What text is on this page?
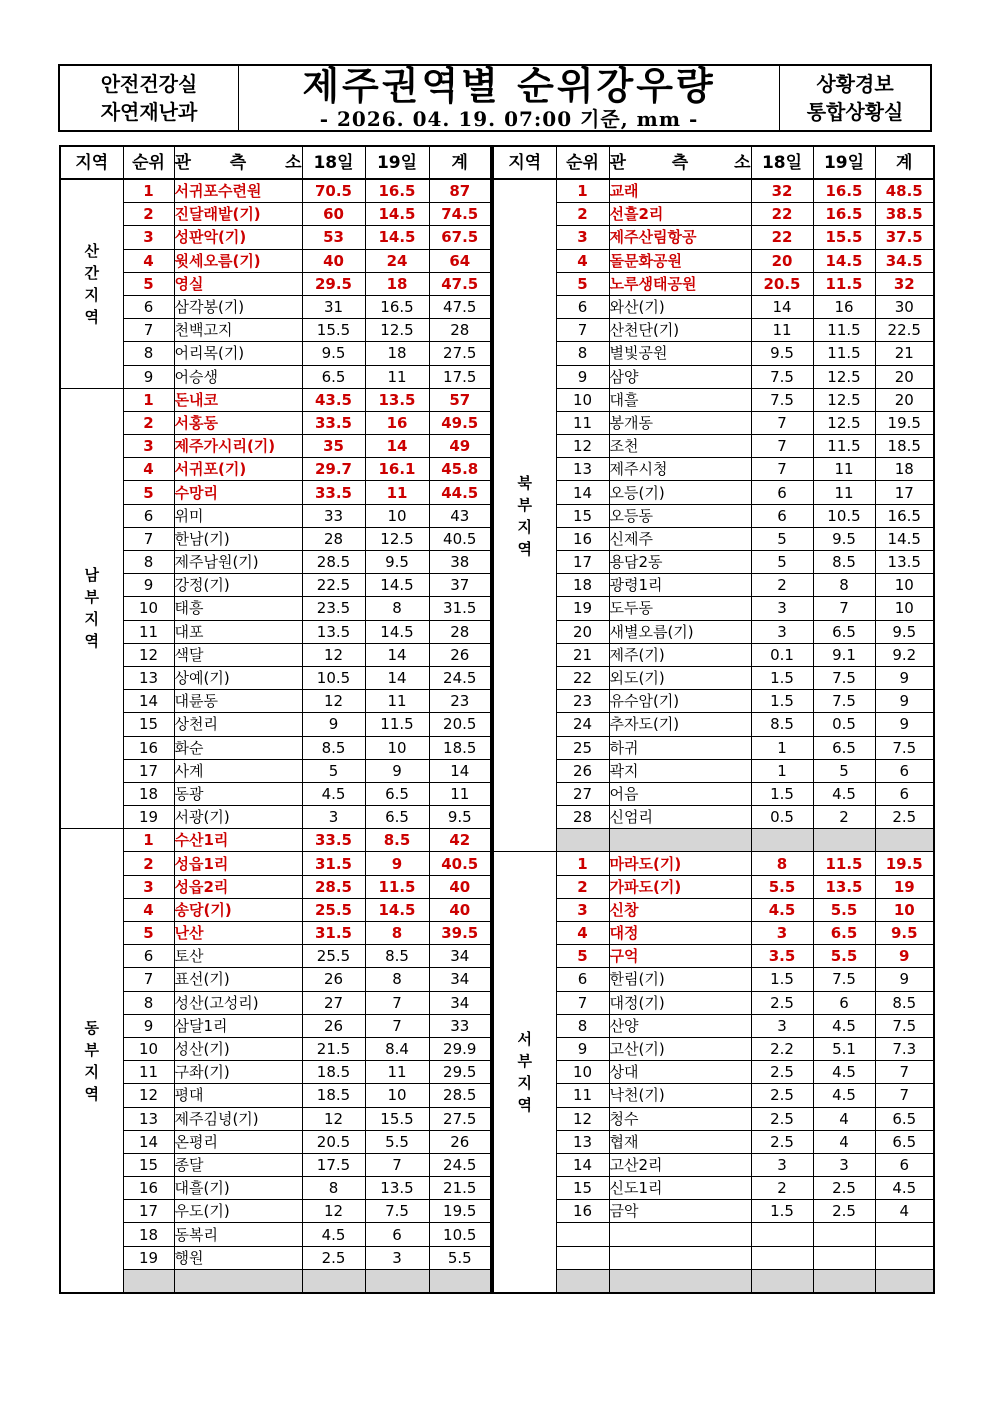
안전건강실
자연재난과
제주권역별 순위강우량
- 2026. 04. 19. 07:00 기준, mm -
상황경보
통합상황실
지역	순위	관 측 소	18일	19일	계

산
간
지
역	1	서귀포수련원	70.5	16.5	87
	2	진달래밭(기)	60	14.5	74.5
	3	성판악(기)	53	14.5	67.5
	4	윗세오름(기)	40	24	64
	5	영실	29.5	18	47.5
	6	삼각봉(기)	31	16.5	47.5
	7	천백고지	15.5	12.5	28
	8	어리목(기)	9.5	18	27.5
	9	어승생	6.5	11	17.5

남
부
지
역	1	돈내코	43.5	13.5	57
	2	서홍동	33.5	16	49.5
	3	제주가시리(기)	35	14	49
	4	서귀포(기)	29.7	16.1	45.8
	5	수망리	33.5	11	44.5
	6	위미	33	10	43
	7	한남(기)	28	12.5	40.5
	8	제주남원(기)	28.5	9.5	38
	9	강정(기)	22.5	14.5	37
	10	태흥	23.5	8	31.5
	11	대포	13.5	14.5	28
	12	색달	12	14	26
	13	상예(기)	10.5	14	24.5
	14	대륜동	12	11	23
	15	상천리	9	11.5	20.5
	16	화순	8.5	10	18.5
	17	사계	5	9	14
	18	동광	4.5	6.5	11
	19	서광(기)	3	6.5	9.5

동
부
지
역	1	수산1리	33.5	8.5	42
	2	성읍1리	31.5	9	40.5
	3	성읍2리	28.5	11.5	40
	4	송당(기)	25.5	14.5	40
	5	난산	31.5	8	39.5
	6	토산	25.5	8.5	34
	7	표선(기)	26	8	34
	8	성산(고성리)	27	7	34
	9	삼달1리	26	7	33
	10	성산(기)	21.5	8.4	29.9
	11	구좌(기)	18.5	11	29.5
	12	평대	18.5	10	28.5
	13	제주김녕(기)	12	15.5	27.5
	14	온평리	20.5	5.5	26
	15	종달	17.5	7	24.5
	16	대흘(기)	8	13.5	21.5
	17	우도(기)	12	7.5	19.5
	18	동복리	4.5	6	10.5
	19	행원	2.5	3	5.5

지역	순위	관 측 소	18일	19일	계

북
부
지
역	1	교래	32	16.5	48.5
	2	선흘2리	22	16.5	38.5
	3	제주산림항공	22	15.5	37.5
	4	돌문화공원	20	14.5	34.5
	5	노루생태공원	20.5	11.5	32
	6	와산(기)	14	16	30
	7	산천단(기)	11	11.5	22.5
	8	별빛공원	9.5	11.5	21
	9	삼양	7.5	12.5	20
	10	대흘	7.5	12.5	20
	11	봉개동	7	12.5	19.5
	12	조천	7	11.5	18.5
	13	제주시청	7	11	18
	14	오등(기)	6	11	17
	15	오등동	6	10.5	16.5
	16	신제주	5	9.5	14.5
	17	용담2동	5	8.5	13.5
	18	광령1리	2	8	10
	19	도두동	3	7	10
	20	새별오름(기)	3	6.5	9.5
	21	제주(기)	0.1	9.1	9.2
	22	외도(기)	1.5	7.5	9
	23	유수암(기)	1.5	7.5	9
	24	추자도(기)	8.5	0.5	9
	25	하귀	1	6.5	7.5
	26	곽지	1	5	6
	27	어음	1.5	4.5	6
	28	신엄리	0.5	2	2.5

서
부
지
역	1	마라도(기)	8	11.5	19.5
	2	가파도(기)	5.5	13.5	19
	3	신창	4.5	5.5	10
	4	대정	3	6.5	9.5
	5	구억	3.5	5.5	9
	6	한림(기)	1.5	7.5	9
	7	대정(기)	2.5	6	8.5
	8	산양	3	4.5	7.5
	9	고산(기)	2.2	5.1	7.3
	10	상대	2.5	4.5	7
	11	낙천(기)	2.5	4.5	7
	12	청수	2.5	4	6.5
	13	협재	2.5	4	6.5
	14	고산2리	3	3	6
	15	신도1리	2	2.5	4.5
	16	금악	1.5	2.5	4
